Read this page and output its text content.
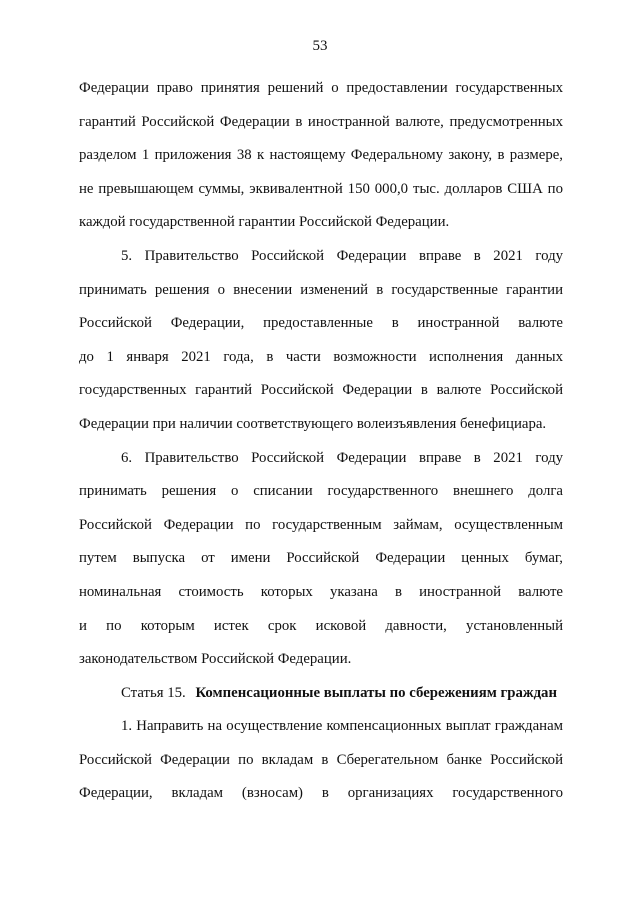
53
Федерации право принятия решений о предоставлении государственных
гарантий Российской Федерации в иностранной валюте, предусмотренных
разделом 1 приложения 38 к настоящему Федеральному закону, в размере,
не превышающем суммы, эквивалентной 150 000,0 тыс. долларов США по
каждой государственной гарантии Российской Федерации.
5. Правительство Российской Федерации вправе в 2021 году
принимать решения о внесении изменений в государственные гарантии
Российской Федерации, предоставленные в иностранной валюте
до 1 января 2021 года, в части возможности исполнения данных
государственных гарантий Российской Федерации в валюте Российской
Федерации при наличии соответствующего волеизъявления бенефициара.
6. Правительство Российской Федерации вправе в 2021 году
принимать решения о списании государственного внешнего долга
Российской Федерации по государственным займам, осуществленным
путем выпуска от имени Российской Федерации ценных бумаг,
номинальная стоимость которых указана в иностранной валюте
и по которым истек срок исковой давности, установленный
законодательством Российской Федерации.
Статья 15. Компенсационные выплаты по сбережениям граждан
1. Направить на осуществление компенсационных выплат гражданам
Российской Федерации по вкладам в Сберегательном банке Российской
Федерации, вкладам (взносам) в организациях государственного
